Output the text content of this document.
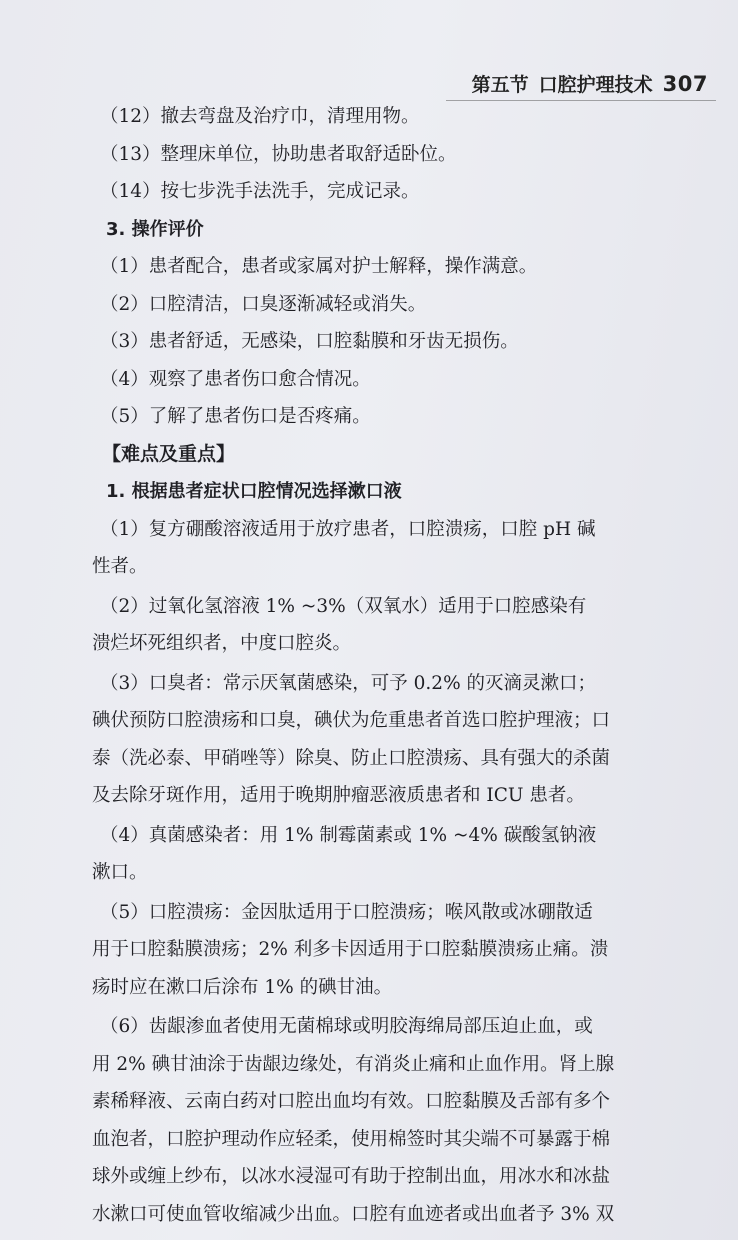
第五节 口腔护理技术 307
（12）撤去弯盘及治疗巾，清理用物。
（13）整理床单位，协助患者取舒适卧位。
（14）按七步洗手法洗手，完成记录。
3. 操作评价
（1）患者配合，患者或家属对护士解释，操作满意。
（2）口腔清洁，口臭逐渐减轻或消失。
（3）患者舒适，无感染，口腔黏膜和牙齿无损伤。
（4）观察了患者伤口愈合情况。
（5）了解了患者伤口是否疼痛。
【难点及重点】
1. 根据患者症状口腔情况选择漱口液
（1）复方硼酸溶液适用于放疗患者，口腔溃疡，口腔 pH 碱
性者。
（2）过氧化氢溶液 1% ~3%（双氧水）适用于口腔感染有
溃烂坏死组织者，中度口腔炎。
（3）口臭者：常示厌氧菌感染，可予 0.2% 的灭滴灵漱口；
碘伏预防口腔溃疡和口臭，碘伏为危重患者首选口腔护理液；口
泰（洗必泰、甲硝唑等）除臭、防止口腔溃疡、具有强大的杀菌
及去除牙斑作用，适用于晚期肿瘤恶液质患者和 ICU 患者。
（4）真菌感染者：用 1% 制霉菌素或 1% ~4% 碳酸氢钠液
漱口。
（5）口腔溃疡：金因肽适用于口腔溃疡；喉风散或冰硼散适
用于口腔黏膜溃疡；2% 利多卡因适用于口腔黏膜溃疡止痛。溃
疡时应在漱口后涂布 1% 的碘甘油。
（6）齿龈渗血者使用无菌棉球或明胶海绵局部压迫止血，或
用 2% 碘甘油涂于齿龈边缘处，有消炎止痛和止血作用。肾上腺
素稀释液、云南白药对口腔出血均有效。口腔黏膜及舌部有多个
血泡者，口腔护理动作应轻柔，使用棉签时其尖端不可暴露于棉
球外或缠上纱布，以冰水浸湿可有助于控制出血，用冰水和冰盐
水漱口可使血管收缩减少出血。口腔有血迹者或出血者予 3% 双
